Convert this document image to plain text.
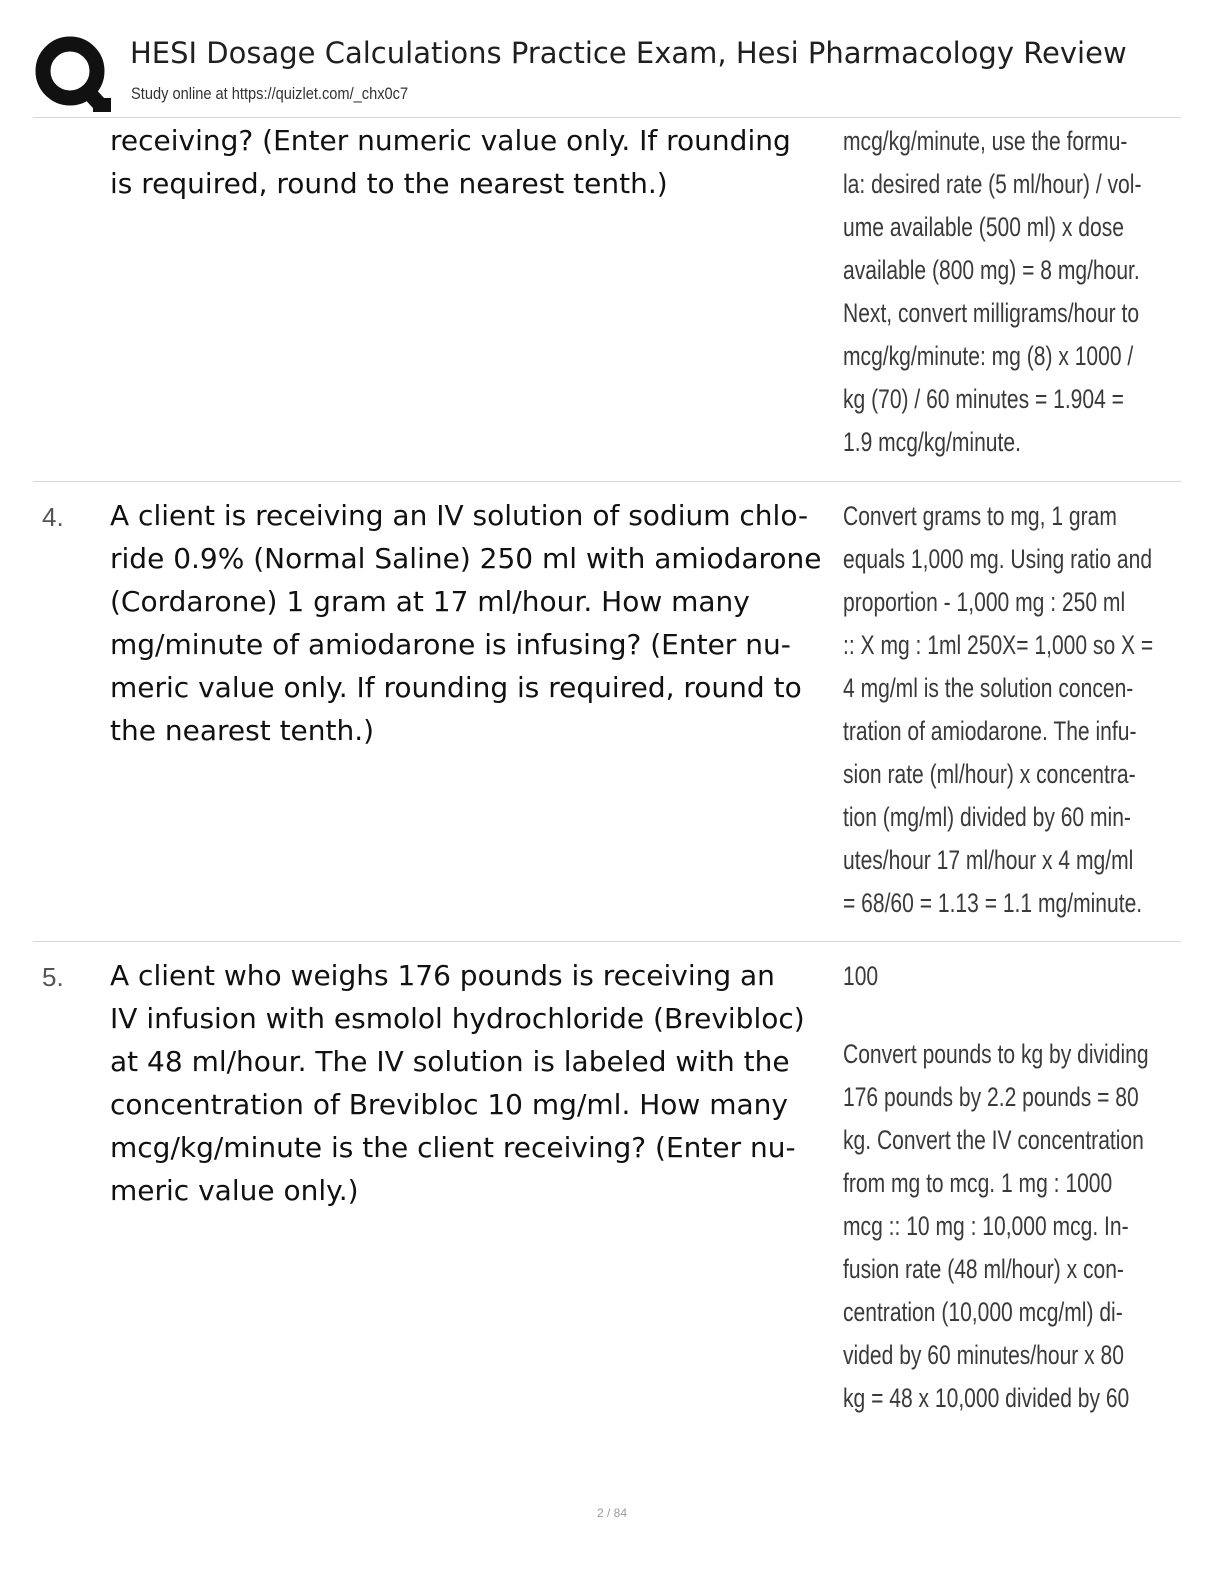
HESI Dosage Calculations Practice Exam, Hesi Pharmacology Review
Study online at https://quizlet.com/_chx0c7
receiving? (Enter numeric value only. If rounding
is required, round to the nearest tenth.)
mcg/kg/minute, use the formu-
la: desired rate (5 ml/hour) / vol-
ume available (500 ml) x dose
available (800 mg) = 8 mg/hour.
Next, convert milligrams/hour to
mcg/kg/minute: mg (8) x 1000 /
kg (70) / 60 minutes = 1.904 =
1.9 mcg/kg/minute.
4. A client is receiving an IV solution of sodium chlo-
ride 0.9% (Normal Saline) 250 ml with amiodarone
(Cordarone) 1 gram at 17 ml/hour. How many
mg/minute of amiodarone is infusing? (Enter nu-
meric value only. If rounding is required, round to
the nearest tenth.)
Convert grams to mg, 1 gram
equals 1,000 mg. Using ratio and
proportion - 1,000 mg : 250 ml
:: X mg : 1ml 250X= 1,000 so X =
4 mg/ml is the solution concen-
tration of amiodarone. The infu-
sion rate (ml/hour) x concentra-
tion (mg/ml) divided by 60 min-
utes/hour 17 ml/hour x 4 mg/ml
= 68/60 = 1.13 = 1.1 mg/minute.
5. A client who weighs 176 pounds is receiving an
IV infusion with esmolol hydrochloride (Brevibloc)
at 48 ml/hour. The IV solution is labeled with the
concentration of Brevibloc 10 mg/ml. How many
mcg/kg/minute is the client receiving? (Enter nu-
meric value only.)
100
Convert pounds to kg by dividing
176 pounds by 2.2 pounds = 80
kg. Convert the IV concentration
from mg to mcg. 1 mg : 1000
mcg :: 10 mg : 10,000 mcg. In-
fusion rate (48 ml/hour) x con-
centration (10,000 mcg/ml) di-
vided by 60 minutes/hour x 80
kg = 48 x 10,000 divided by 60
2 / 84
